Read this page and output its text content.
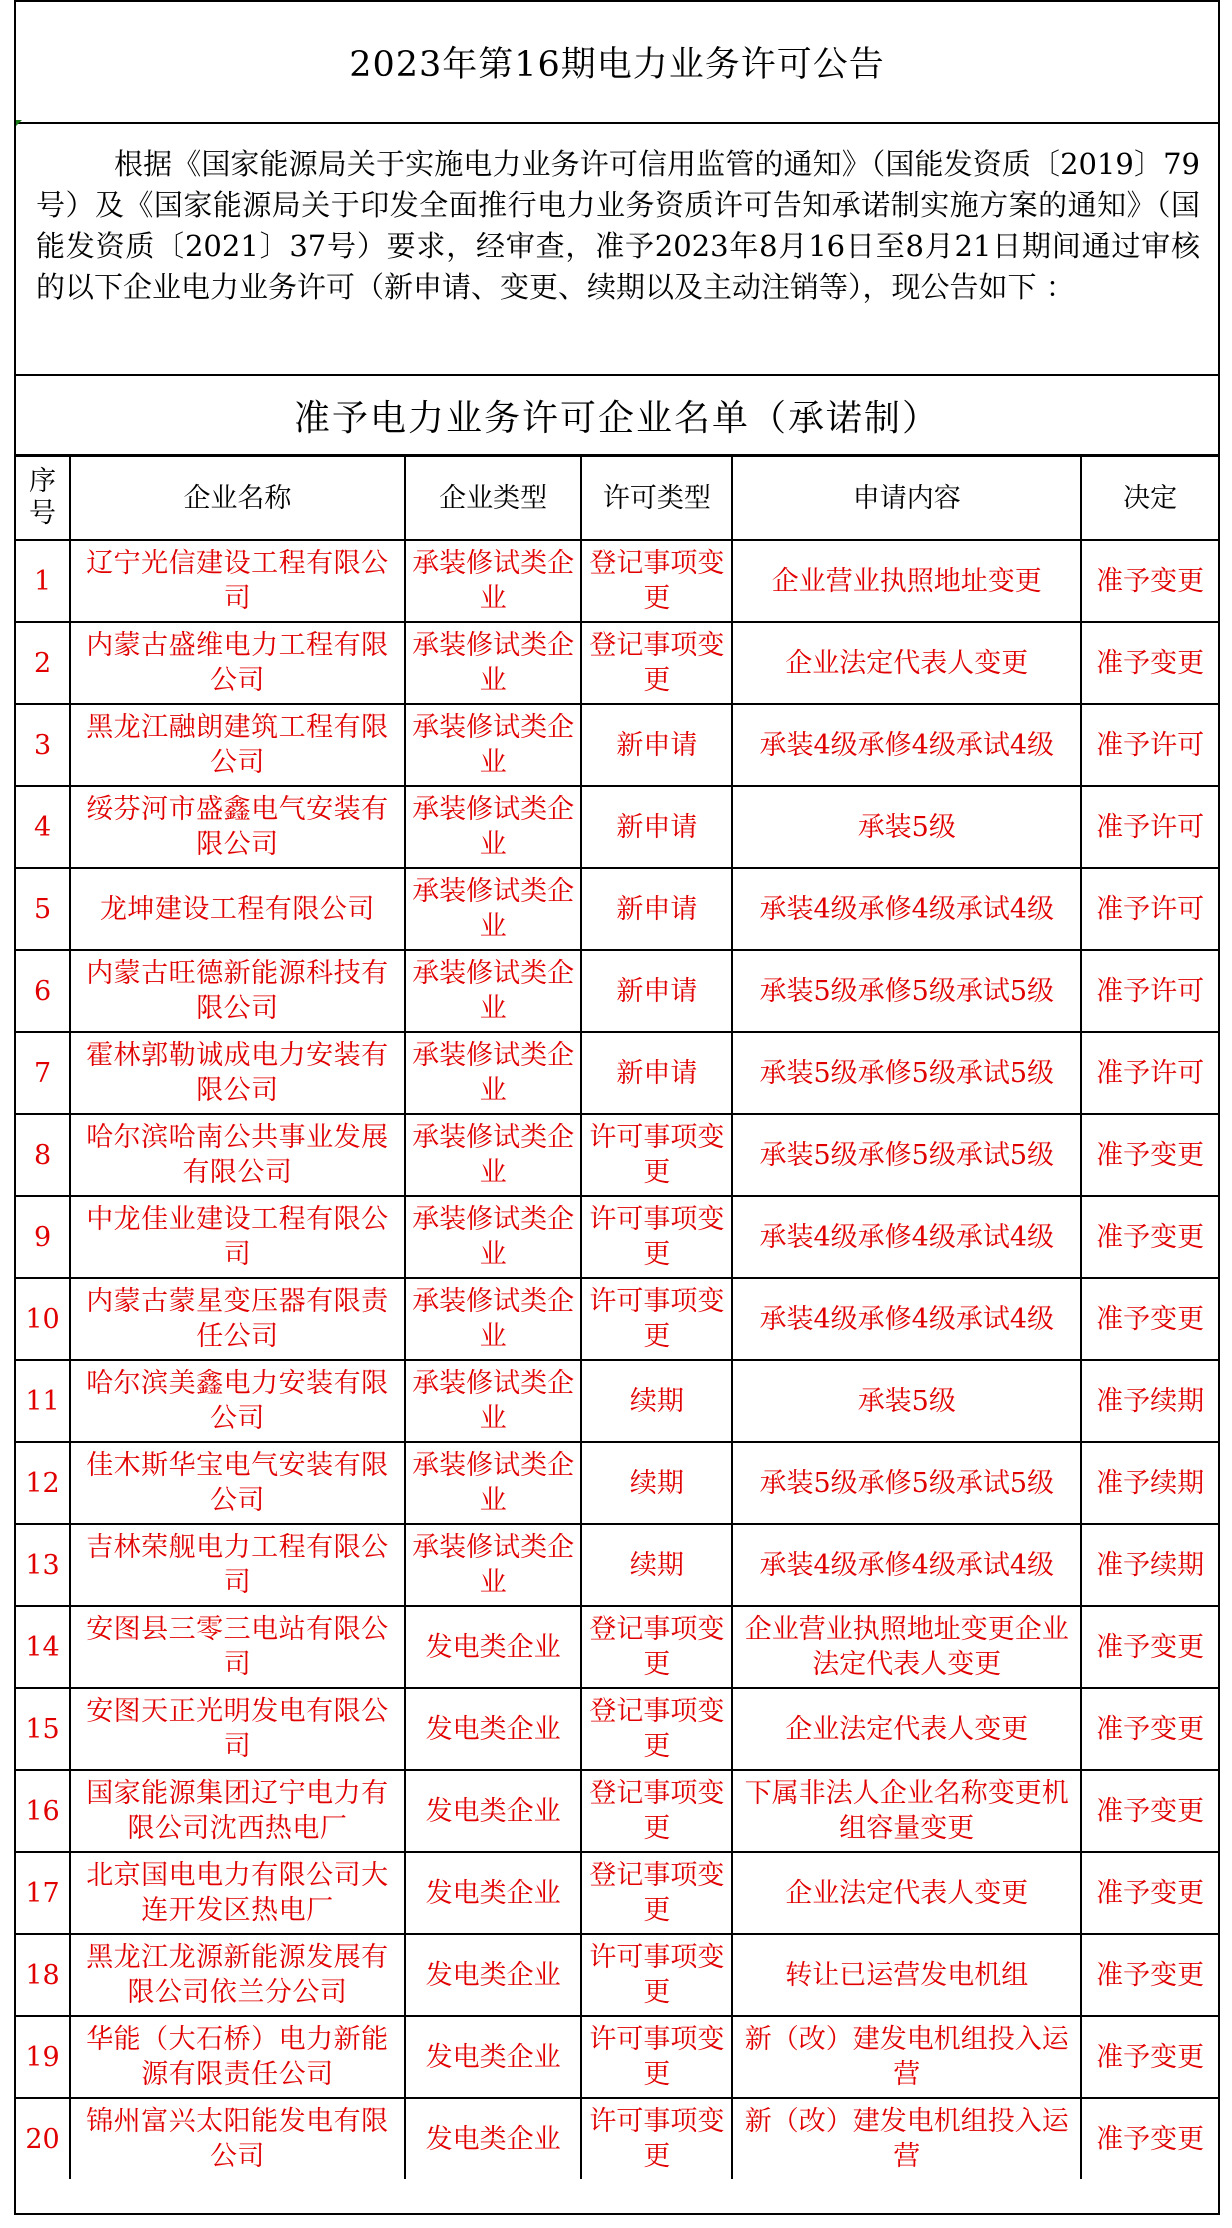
2023年第16期电力业务许可公告

根据《国家能源局关于实施电力业务许可信用监管的通知》（国能发资质〔2019〕79号）及《国家能源局关于印发全面推行电力业务资质许可告知承诺制实施方案的通知》（国能发资质〔2021〕37号）要求，经审查，准予2023年8月16日至8月21日期间通过审核的以下企业电力业务许可（新申请、变更、续期以及主动注销等），现公告如下 ：

准予电力业务许可企业名单（承诺制）
序号	企业名称	企业类型	许可类型	申请内容	决定
1	辽宁光信建设工程有限公司	承装修试类企业	登记事项变更	企业营业执照地址变更	准予变更
2	内蒙古盛维电力工程有限公司	承装修试类企业	登记事项变更	企业法定代表人变更	准予变更
3	黑龙江融朗建筑工程有限公司	承装修试类企业	新申请	承装4级承修4级承试4级	准予许可
4	绥芬河市盛鑫电气安装有限公司	承装修试类企业	新申请	承装5级	准予许可
5	龙坤建设工程有限公司	承装修试类企业	新申请	承装4级承修4级承试4级	准予许可
6	内蒙古旺德新能源科技有限公司	承装修试类企业	新申请	承装5级承修5级承试5级	准予许可
7	霍林郭勒诚成电力安装有限公司	承装修试类企业	新申请	承装5级承修5级承试5级	准予许可
8	哈尔滨哈南公共事业发展有限公司	承装修试类企业	许可事项变更	承装5级承修5级承试5级	准予变更
9	中龙佳业建设工程有限公司	承装修试类企业	许可事项变更	承装4级承修4级承试4级	准予变更
10	内蒙古蒙星变压器有限责任公司	承装修试类企业	许可事项变更	承装4级承修4级承试4级	准予变更
11	哈尔滨美鑫电力安装有限公司	承装修试类企业	续期	承装5级	准予续期
12	佳木斯华宝电气安装有限公司	承装修试类企业	续期	承装5级承修5级承试5级	准予续期
13	吉林荣舰电力工程有限公司	承装修试类企业	续期	承装4级承修4级承试4级	准予续期
14	安图县三零三电站有限公司	发电类企业	登记事项变更	企业营业执照地址变更企业法定代表人变更	准予变更
15	安图天正光明发电有限公司	发电类企业	登记事项变更	企业法定代表人变更	准予变更
16	国家能源集团辽宁电力有限公司沈西热电厂	发电类企业	登记事项变更	下属非法人企业名称变更机组容量变更	准予变更
17	北京国电电力有限公司大连开发区热电厂	发电类企业	登记事项变更	企业法定代表人变更	准予变更
18	黑龙江龙源新能源发展有限公司依兰分公司	发电类企业	许可事项变更	转让已运营发电机组	准予变更
19	华能（大石桥）电力新能源有限责任公司	发电类企业	许可事项变更	新（改）建发电机组投入运营	准予变更
20	锦州富兴太阳能发电有限公司	发电类企业	许可事项变更	新（改）建发电机组投入运营	准予变更
